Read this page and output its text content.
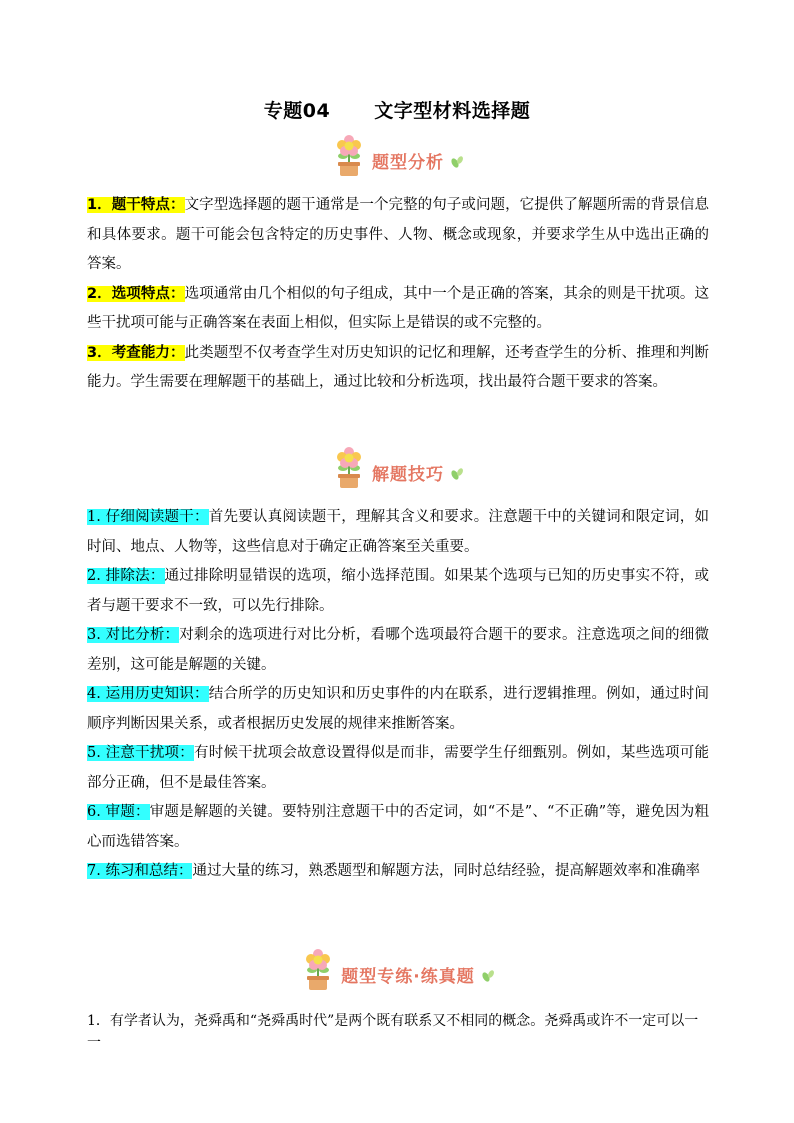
专题04 文字型材料选择题
题型分析

1．题干特点：文字型选择题的题干通常是一个完整的句子或问题，它提供了解题所需的背景信息和具体要求。题干可能会包含特定的历史事件、人物、概念或现象，并要求学生从中选出正确的答案。

2．选项特点：选项通常由几个相似的句子组成，其中一个是正确的答案，其余的则是干扰项。这些干扰项可能与正确答案在表面上相似，但实际上是错误的或不完整的。

3．考查能力：此类题型不仅考查学生对历史知识的记忆和理解，还考查学生的分析、推理和判断能力。学生需要在理解题干的基础上，通过比较和分析选项，找出最符合题干要求的答案。

解题技巧

1. 仔细阅读题干：首先要认真阅读题干，理解其含义和要求。注意题干中的关键词和限定词，如时间、地点、人物等，这些信息对于确定正确答案至关重要。

2. 排除法：通过排除明显错误的选项，缩小选择范围。如果某个选项与已知的历史事实不符，或者与题干要求不一致，可以先行排除。

3. 对比分析：对剩余的选项进行对比分析，看哪个选项最符合题干的要求。注意选项之间的细微差别，这可能是解题的关键。

4. 运用历史知识：结合所学的历史知识和历史事件的内在联系，进行逻辑推理。例如，通过时间顺序判断因果关系，或者根据历史发展的规律来推断答案。

5. 注意干扰项：有时候干扰项会故意设置得似是而非，需要学生仔细甄别。例如，某些选项可能部分正确，但不是最佳答案。

6. 审题：审题是解题的关键。要特别注意题干中的否定词，如“不是”、“不正确”等，避免因为粗心而选错答案。

7. 练习和总结：通过大量的练习，熟悉题型和解题方法，同时总结经验，提高解题效率和准确率

题型专练·练真题

1．有学者认为，尧舜禹和“尧舜禹时代”是两个既有联系又不相同的概念。尧舜禹或许不一定可以一一
